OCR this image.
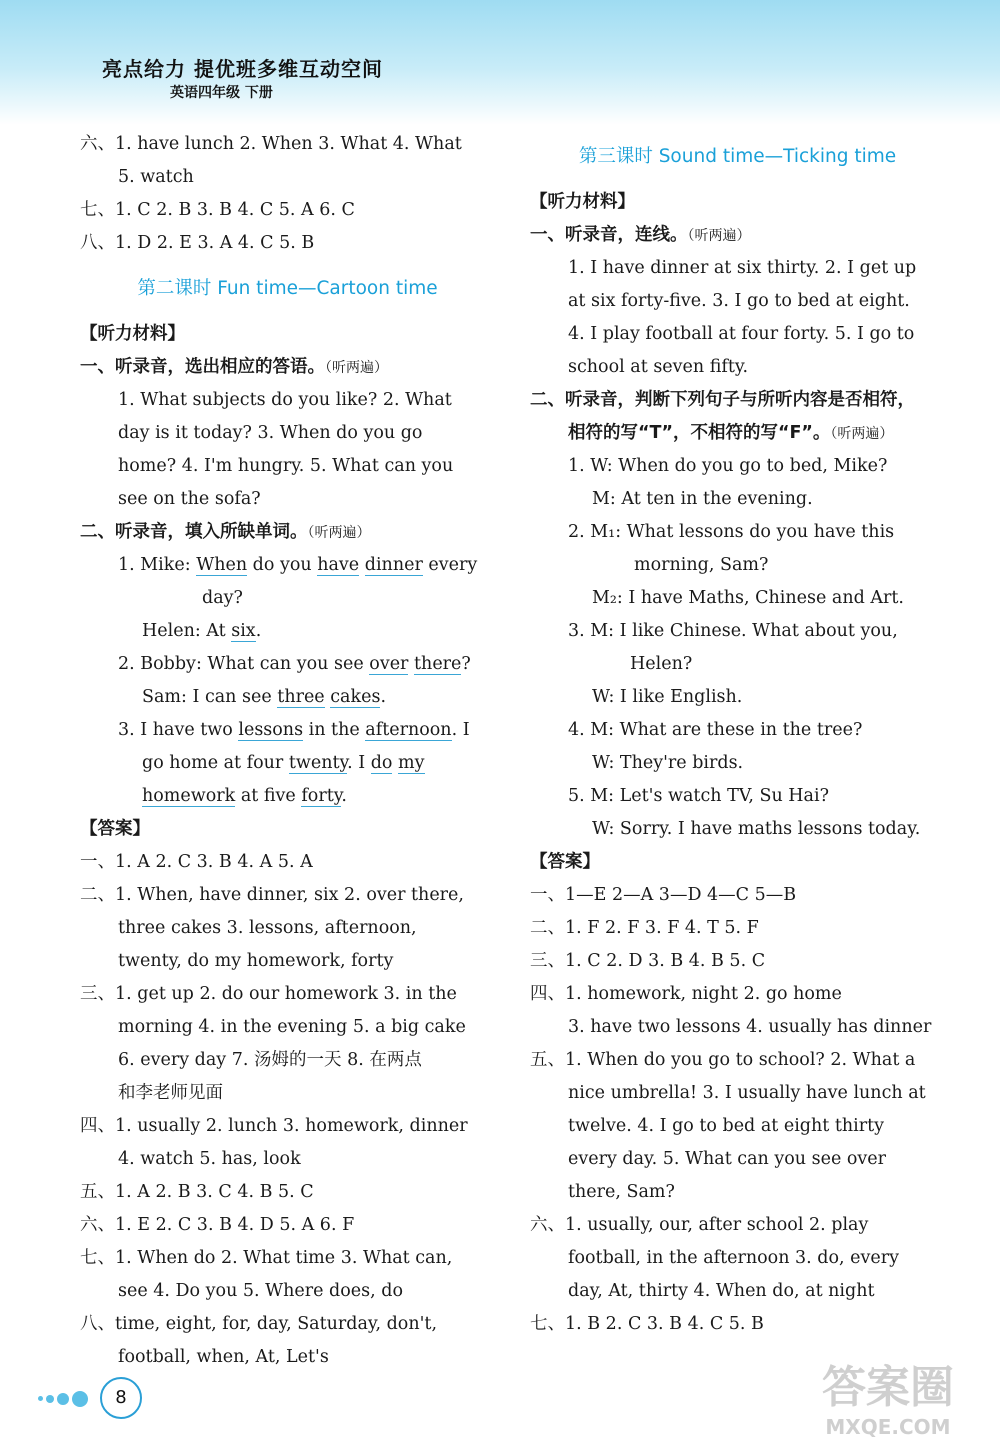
亮点给力 提优班多维互动空间
英语四年级 下册
六、1. have lunch 2. When 3. What 4. What
5. watch
七、1. C 2. B 3. B 4. C 5. A 6. C
八、1. D 2. E 3. A 4. C 5. B
第二课时 Fun time—Cartoon time
【听力材料】
一、听录音，选出相应的答语。（听两遍）
1. What subjects do you like? 2. What
day is it today? 3. When do you go
home? 4. I'm hungry. 5. What can you
see on the sofa?
二、听录音，填入所缺单词。（听两遍）
1. Mike: When do you have dinner every
day?
Helen: At six.
2. Bobby: What can you see over there?
Sam: I can see three cakes.
3. I have two lessons in the afternoon. I
go home at four twenty. I do my
homework at five forty.
【答案】
一、1. A 2. C 3. B 4. A 5. A
二、1. When, have dinner, six 2. over there,
three cakes 3. lessons, afternoon,
twenty, do my homework, forty
三、1. get up 2. do our homework 3. in the
morning 4. in the evening 5. a big cake
6. every day 7. 汤姆的一天 8. 在两点
和李老师见面
四、1. usually 2. lunch 3. homework, dinner
4. watch 5. has, look
五、1. A 2. B 3. C 4. B 5. C
六、1. E 2. C 3. B 4. D 5. A 6. F
七、1. When do 2. What time 3. What can,
see 4. Do you 5. Where does, do
八、time, eight, for, day, Saturday, don't,
football, when, At, Let's
第三课时 Sound time—Ticking time
【听力材料】
一、听录音，连线。（听两遍）
1. I have dinner at six thirty. 2. I get up
at six forty-five. 3. I go to bed at eight.
4. I play football at four forty. 5. I go to
school at seven fifty.
二、听录音，判断下列句子与所听内容是否相符，
相符的写“T”，不相符的写“F”。（听两遍）
1. W: When do you go to bed, Mike?
M: At ten in the evening.
2. M₁: What lessons do you have this
morning, Sam?
M₂: I have Maths, Chinese and Art.
3. M: I like Chinese. What about you,
Helen?
W: I like English.
4. M: What are these in the tree?
W: They're birds.
5. M: Let's watch TV, Su Hai?
W: Sorry. I have maths lessons today.
【答案】
一、1—E 2—A 3—D 4—C 5—B
二、1. F 2. F 3. F 4. T 5. F
三、1. C 2. D 3. B 4. B 5. C
四、1. homework, night 2. go home
3. have two lessons 4. usually has dinner
五、1. When do you go to school? 2. What a
nice umbrella! 3. I usually have lunch at
twelve. 4. I go to bed at eight thirty
every day. 5. What can you see over
there, Sam?
六、1. usually, our, after school 2. play
football, in the afternoon 3. do, every
day, At, thirty 4. When do, at night
七、1. B 2. C 3. B 4. C 5. B
8	答案圈
MXQE.COM
